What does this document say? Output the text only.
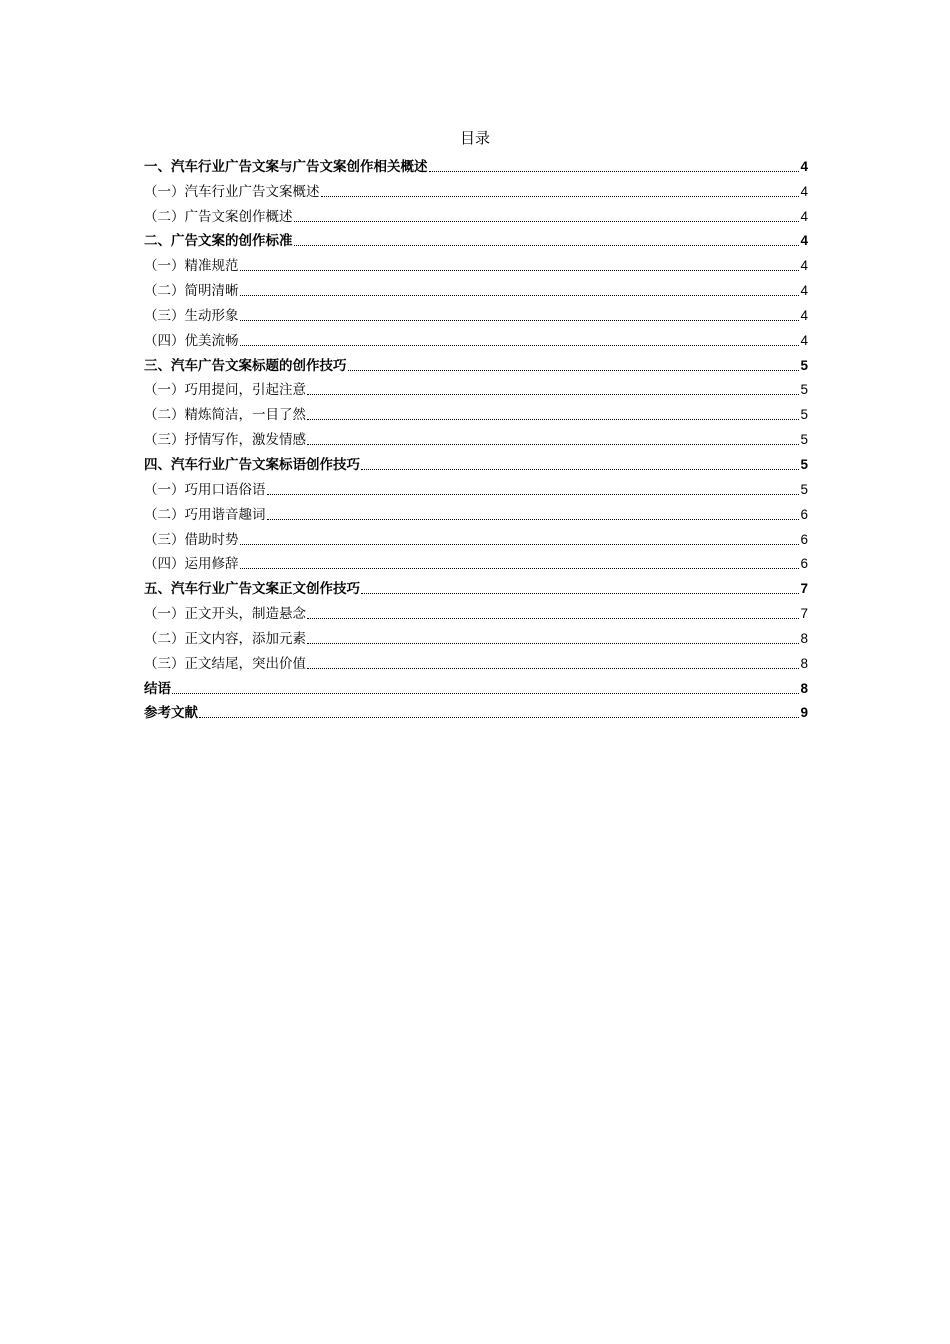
目录
一、汽车行业广告文案与广告文案创作相关概述	4
（一）汽车行业广告文案概述	4
（二）广告文案创作概述	4
二、广告文案的创作标准	4
（一）精准规范	4
（二）简明清晰	4
（三）生动形象	4
（四）优美流畅	4
三、汽车广告文案标题的创作技巧	5
（一）巧用提问，引起注意	5
（二）精炼简洁，一目了然	5
（三）抒情写作，激发情感	5
四、汽车行业广告文案标语创作技巧	5
（一）巧用口语俗语	5
（二）巧用谐音趣词	6
（三）借助时势	6
（四）运用修辞	6
五、汽车行业广告文案正文创作技巧	7
（一）正文开头，制造悬念	7
（二）正文内容，添加元素	8
（三）正文结尾，突出价值	8
结语	8
参考文献	9
